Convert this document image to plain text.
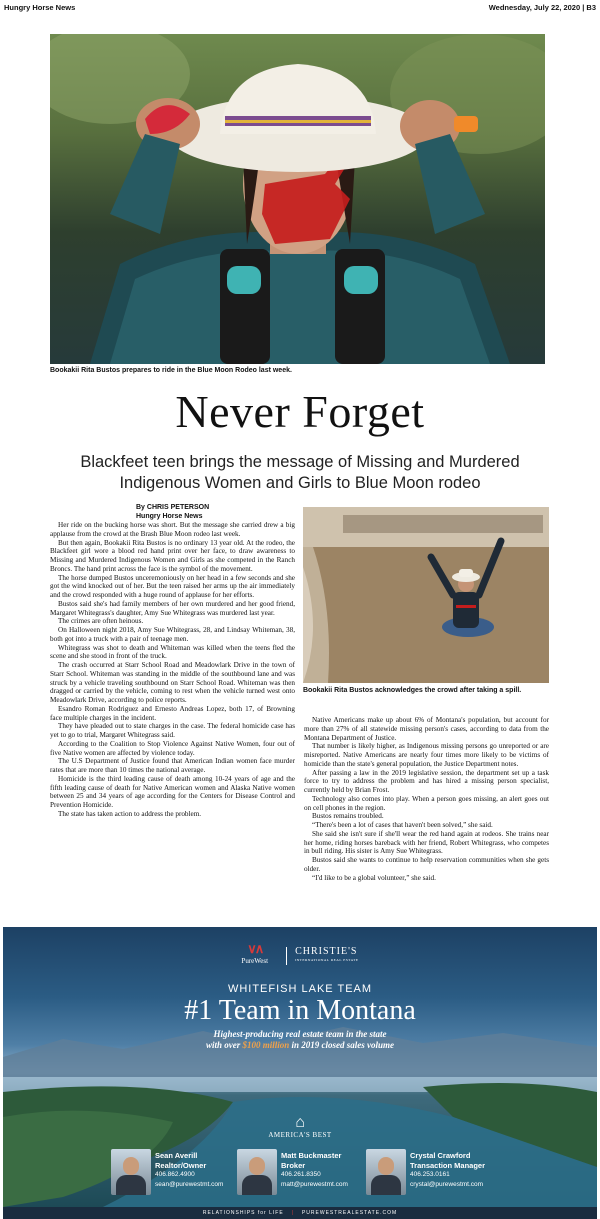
Hungry Horse News	Wednesday, July 22, 2020 | B3
Bookakii Rita Bustos prepares to ride in the Blue Moon Rodeo last week.
Never Forget
Blackfeet teen brings the message of Missing and Murdered Indigenous Women and Girls to Blue Moon rodeo
By CHRIS PETERSON
Hungry Horse News

Her ride on the bucking horse was short. But the message she carried drew a big applause from the crowd at the Brash Blue Moon rodeo last week.

But then again, Bookakii Rita Bustos is no ordinary 13 year old. At the rodeo, the Blackfeet girl wore a blood red hand print over her face, to draw awareness to Missing and Murdered Indigenous Women and Girls as she competed in the Ranch Broncs. The hand print across the face is the symbol of the movement.

The horse dumped Bustos unceremoniously on her head in a few seconds and she got the wind knocked out of her. But the teen raised her arms up the air immediately and the crowd responded with a huge round of applause for her efforts.

Bustos said she's had family members of her own murdered and her good friend, Margaret Whitegrass's daughter, Amy Sue Whitegrass was murdered last year.

The crimes are often heinous.

On Halloween night 2018, Amy Sue Whitegrass, 28, and Lindsay Whiteman, 38, both got into a truck with a pair of teenage men.

Whitegrass was shot to death and Whiteman was killed when the teens fled the scene and she stood in front of the truck.

The crash occurred at Starr School Road and Meadowlark Drive in the town of Starr School. Whiteman was standing in the middle of the southbound lane and was struck by a vehicle traveling southbound on Starr School Road. Whiteman was then dragged or carried by the vehicle, coming to rest when the vehicle turned west onto Meadowlark Drive, according to police reports.

Esandro Roman Rodriguez and Ernesto Andreas Lopez, both 17, of Browning face multiple charges in the incident.

They have pleaded out to state charges in the case. The federal homicide case has yet to go to trial, Margaret Whitegrass said.

According to the Coalition to Stop Violence Against Native Women, four out of five Native women are affected by violence today.

The U.S Department of Justice found that American Indian women face murder rates that are more than 10 times the national average.

Homicide is the third leading cause of death among 10-24 years of age and the fifth leading cause of death for Native American women and Alaska Native women between 25 and 34 years of age according for the Centers for Disease Control and Prevention Homicide.

The state has taken action to address the problem.

Bookakii Rita Bustos acknowledges the crowd after taking a spill.

Native Americans make up about 6% of Montana's population, but account for more than 27% of all statewide missing person's cases, according to data from the Montana Department of Justice.

That number is likely higher, as Indigenous missing persons go unreported or are misreported. Native Americans are nearly four times more likely to be victims of homicide than the state's general population, the Justice Department notes.

After passing a law in the 2019 legislative session, the department set up a task force to try to address the problem and has hired a missing person specialist, currently held by Brian Frost.

Technology also comes into play. When a person goes missing, an alert goes out on cell phones in the region.

Bustos remains troubled.

“There's been a lot of cases that haven't been solved,” she said.

She said she isn't sure if she'll wear the red hand again at rodeos. She trains near her home, riding horses bareback with her friend, Robert Whitegrass, who competes in bull riding. His sister is Amy Sue Whitegrass.

Bustos said she wants to continue to help reservation communities when she gets older.

“I'd like to be a global volunteer,” she said.

∨∧
PureWest
CHRISTIE'S
INTERNATIONAL REAL ESTATE
WHITEFISH LAKE TEAM
#1 Team in Montana
Highest-producing real estate team in the state
with over $100 million in 2019 closed sales volume
⌂
AMERICA'S BEST
Sean Averill
Realtor/Owner
406.862.4900
sean@purewestmt.com
Matt Buckmaster
Broker
406.261.8350
matt@purewestmt.com
Crystal Crawford
Transaction Manager
406.253.0161
crystal@purewestmt.com
RELATIONSHIPS for LIFE | PUREWESTREALESTATE.COM
